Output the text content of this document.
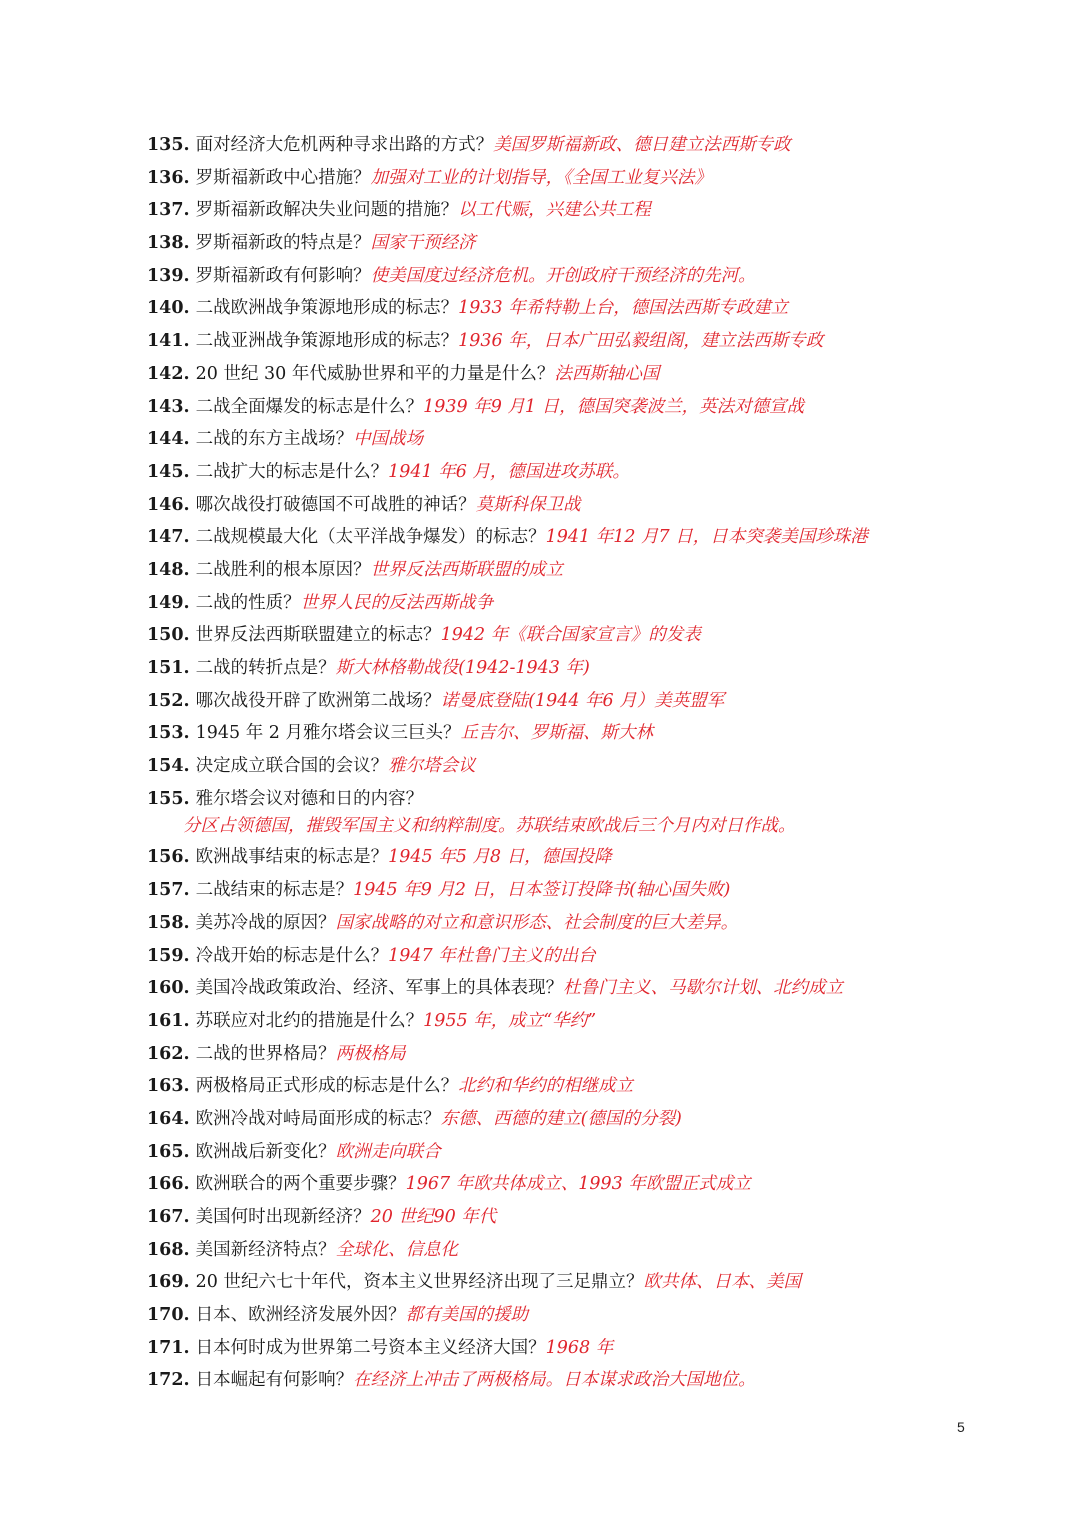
135. 面对经济大危机两种寻求出路的方式？美国罗斯福新政、德日建立法西斯专政
136. 罗斯福新政中心措施？加强对工业的计划指导，《全国工业复兴法》
137. 罗斯福新政解决失业问题的措施？以工代赈，兴建公共工程
138. 罗斯福新政的特点是？国家干预经济
139. 罗斯福新政有何影响？使美国度过经济危机。开创政府干预经济的先河。
140. 二战欧洲战争策源地形成的标志？1933 年希特勒上台，德国法西斯专政建立
141. 二战亚洲战争策源地形成的标志？1936 年，日本广田弘毅组阁，建立法西斯专政
142. 20 世纪 30 年代威胁世界和平的力量是什么？法西斯轴心国
143. 二战全面爆发的标志是什么？1939 年9 月1 日，德国突袭波兰，英法对德宣战
144. 二战的东方主战场？中国战场
145. 二战扩大的标志是什么？1941 年6 月，德国进攻苏联。
146. 哪次战役打破德国不可战胜的神话？莫斯科保卫战
147. 二战规模最大化（太平洋战争爆发）的标志？1941 年12 月7 日，日本突袭美国珍珠港
148. 二战胜利的根本原因？世界反法西斯联盟的成立
149. 二战的性质？世界人民的反法西斯战争
150. 世界反法西斯联盟建立的标志？1942 年《联合国家宣言》的发表
151. 二战的转折点是？斯大林格勒战役(1942-1943 年)
152. 哪次战役开辟了欧洲第二战场？诺曼底登陆(1944 年6 月）美英盟军
153. 1945 年 2 月雅尔塔会议三巨头？丘吉尔、罗斯福、斯大林
154. 决定成立联合国的会议？雅尔塔会议
155. 雅尔塔会议对德和日的内容？
分区占领德国，摧毁军国主义和纳粹制度。苏联结束欧战后三个月内对日作战。
156. 欧洲战事结束的标志是？1945 年5 月8 日，德国投降
157. 二战结束的标志是？1945 年9 月2 日，日本签订投降书(轴心国失败)
158. 美苏冷战的原因？国家战略的对立和意识形态、社会制度的巨大差异。
159. 冷战开始的标志是什么？1947 年杜鲁门主义的出台
160. 美国冷战政策政治、经济、军事上的具体表现？杜鲁门主义、马歇尔计划、北约成立
161. 苏联应对北约的措施是什么？1955 年，成立“华约”
162. 二战的世界格局？两极格局
163. 两极格局正式形成的标志是什么？北约和华约的相继成立
164. 欧洲冷战对峙局面形成的标志？东德、西德的建立(德国的分裂)
165. 欧洲战后新变化？欧洲走向联合
166. 欧洲联合的两个重要步骤？1967 年欧共体成立、1993 年欧盟正式成立
167. 美国何时出现新经济？20 世纪90 年代
168. 美国新经济特点？全球化、信息化
169. 20 世纪六七十年代，资本主义世界经济出现了三足鼎立？欧共体、日本、美国
170. 日本、欧洲经济发展外因？都有美国的援助
171. 日本何时成为世界第二号资本主义经济大国？1968 年
172. 日本崛起有何影响？在经济上冲击了两极格局。日本谋求政治大国地位。
5
